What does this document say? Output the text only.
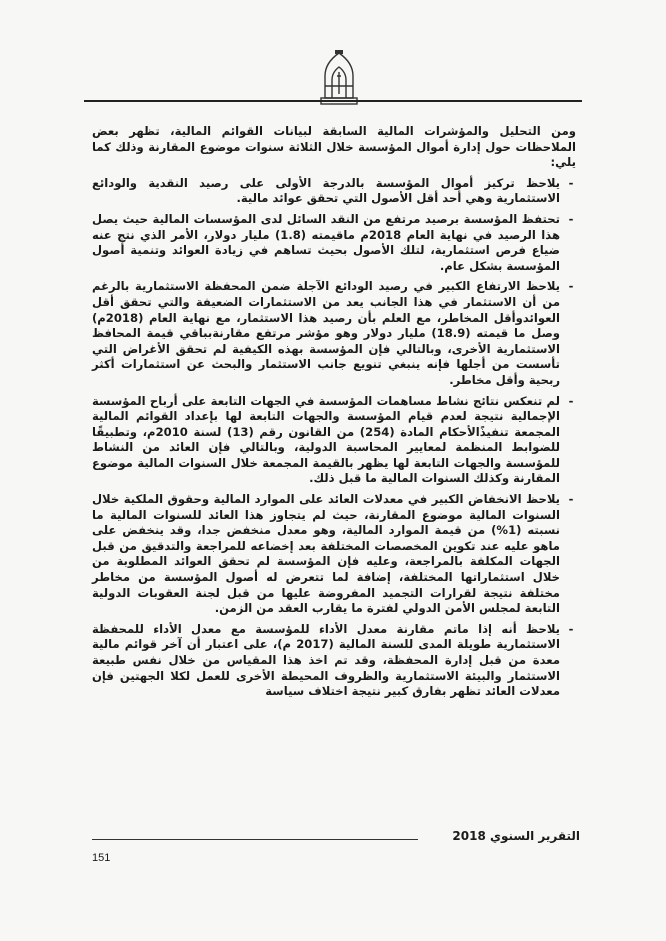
ومن التحليل والمؤشرات المالية السابقة لبيانات القوائم المالية، تظهر بعض الملاحظات حول إدارة أموال المؤسسة خلال الثلاثة سنوات موضوع المقارنة وذلك كما يلي:

-
يلاحظ تركيز أموال المؤسسة بالدرجة الأولى على رصيد النقدية والودائع الاستثمارية وهي أحد أقل الأصول التي تحقق عوائد مالية.
-
تحتفظ المؤسسة برصيد مرتفع من النقد السائل لدى المؤسسات المالية حيث يصل هذا الرصيد في نهاية العام 2018م ماقيمته (1.8) مليار دولار، الأمر الذي نتج عنه ضياع فرص استثمارية، لتلك الأصول بحيث تساهم في زيادة العوائد وتنمية أصول المؤسسة بشكل عام.
-
يلاحظ الارتفاع الكبير في رصيد الودائع الآجلة ضمن المحفظة الاستثمارية بالرغم من أن الاستثمار في هذا الجانب يعد من الاستثمارات الضعيفة والتي تحقق أقل العوائدوأقل المخاطر، مع العلم بأن رصيد هذا الاستثمار، مع نهاية العام (2018م) وصل ما قيمته (18.9) مليار دولار وهو مؤشر مرتفع مقارنةبباقي قيمة المحافظ الاستثمارية الأخرى، وبالتالي فإن المؤسسة بهذه الكيفية لم تحقق الأغراض التي تأسست من أجلها فإنه ينبغي تنويع جانب الاستثمار والبحث عن استثمارات أكثر ربحية وأقل مخاطر.
-
لم تنعكس نتائج نشاط مساهمات المؤسسة في الجهات التابعة على أرباح المؤسسة الإجمالية نتيجة لعدم قيام المؤسسة والجهات التابعة لها بإعداد القوائم المالية المجمعة تنفيذًالأحكام المادة (254) من القانون رقم (13) لسنة 2010م، وتطبيقًا للضوابط المنظمة لمعايير المحاسبة الدولية، وبالتالي فإن العائد من النشاط للمؤسسة والجهات التابعة لها يظهر بالقيمة المجمعة خلال السنوات المالية موضوع المقارنة وكذلك السنوات المالية ما قبل ذلك.
-
يلاحظ الانخفاض الكبير في معدلات العائد على الموارد المالية وحقوق الملكية خلال السنوات المالية موضوع المقارنة، حيث لم يتجاوز هذا العائد للسنوات المالية ما نسبته (1%) من قيمة الموارد المالية، وهو معدل منخفض جدا، وقد ينخفض على ماهو عليه عند تكوين المخصصات المختلفة بعد إخضاعه للمراجعة والتدقيق من قبل الجهات المكلفة بالمراجعة، وعليه فإن المؤسسة لم تحقق العوائد المطلوبة من خلال استثماراتها المختلفة، إضافة لما تتعرض له أصول المؤسسة من مخاطر مختلفة نتيجة لقرارات التجميد المفروضة عليها من قبل لجنة العقوبات الدولية التابعة لمجلس الأمن الدولي لفترة ما يقارب العقد من الزمن.
-
يلاحظ أنه إذا ماتم مقارنة معدل الأداء للمؤسسة مع معدل الأداء للمحفظة الاستثمارية طويلة المدى للسنة المالية (2017 م)، على اعتبار أن آخر قوائم مالية معدة من قبل إدارة المحفظة، وقد تم اخذ هذا المقياس من خلال نفس طبيعة الاستثمار والبيئة الاستثمارية والظروف المحيطة الأخرى للعمل لكلا الجهتين فإن معدلات العائد تظهر بفارق كبير نتيجة اختلاف سياسة
التقرير السنوي 2018
151
